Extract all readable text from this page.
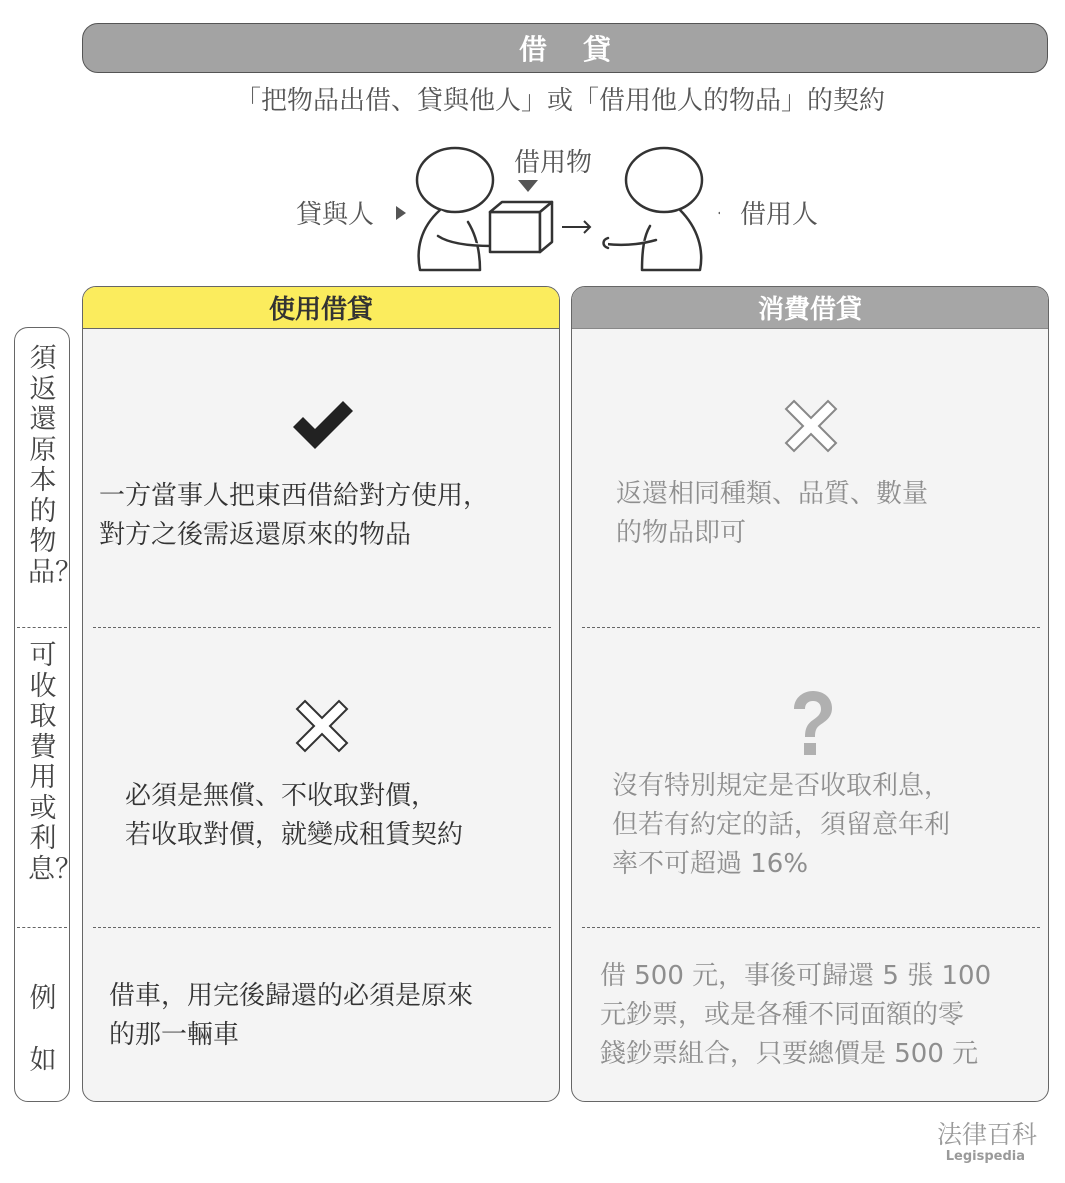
借貸
「把物品出借、貸與他人」或「借用他人的物品」的契約
貸與人
借用物
借用人
須返還原本的物品？
可收取費用或利息？
例如
使用借貸
一方當事人把東西借給對方使用，
對方之後需返還原來的物品
必須是無償、不收取對價，
若收取對價，就變成租賃契約
借車，用完後歸還的必須是原來
的那一輛車
消費借貸
返還相同種類、品質、數量
的物品即可
沒有特別規定是否收取利息，
但若有約定的話，須留意年利
率不可超過 16%
借 500 元，事後可歸還 5 張 100
元鈔票，或是各種不同面額的零
錢鈔票組合，只要總價是 500 元
法律百科
Legispedia
